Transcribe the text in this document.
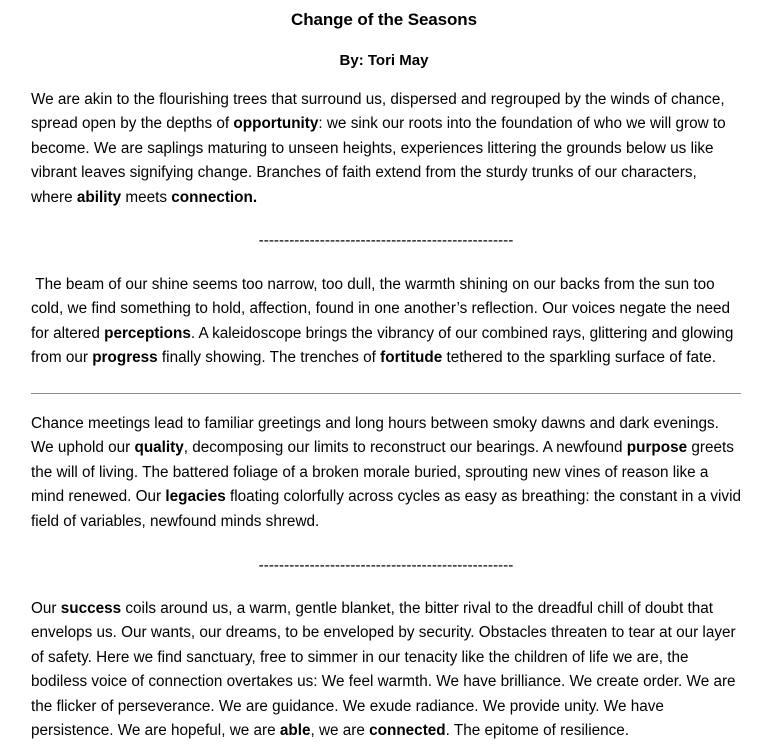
Change of the Seasons
By: Tori May

We are akin to the flourishing trees that surround us, dispersed and regrouped by the winds of chance, spread open by the depths of opportunity: we sink our roots into the foundation of who we will grow to become. We are saplings maturing to unseen heights, experiences littering the grounds below us like vibrant leaves signifying change. Branches of faith extend from the sturdy trunks of our characters, where ability meets connection.

--------------------------------------------------

The beam of our shine seems too narrow, too dull, the warmth shining on our backs from the sun too cold, we find something to hold, affection, found in one another’s reflection. Our voices negate the need for altered perceptions. A kaleidoscope brings the vibrancy of our combined rays, glittering and glowing from our progress finally showing. The trenches of fortitude tethered to the sparkling surface of fate.

Chance meetings lead to familiar greetings and long hours between smoky dawns and dark evenings. We uphold our quality, decomposing our limits to reconstruct our bearings. A newfound purpose greets the will of living. The battered foliage of a broken morale buried, sprouting new vines of reason like a mind renewed. Our legacies floating colorfully across cycles as easy as breathing: the constant in a vivid field of variables, newfound minds shrewd.

--------------------------------------------------

Our success coils around us, a warm, gentle blanket, the bitter rival to the dreadful chill of doubt that envelops us. Our wants, our dreams, to be enveloped by security. Obstacles threaten to tear at our layer of safety. Here we find sanctuary, free to simmer in our tenacity like the children of life we are, the bodiless voice of connection overtakes us: We feel warmth. We have brilliance. We create order. We are the flicker of perseverance. We are guidance. We exude radiance. We provide unity. We have persistence. We are hopeful, we are able, we are connected. The epitome of resilience.
